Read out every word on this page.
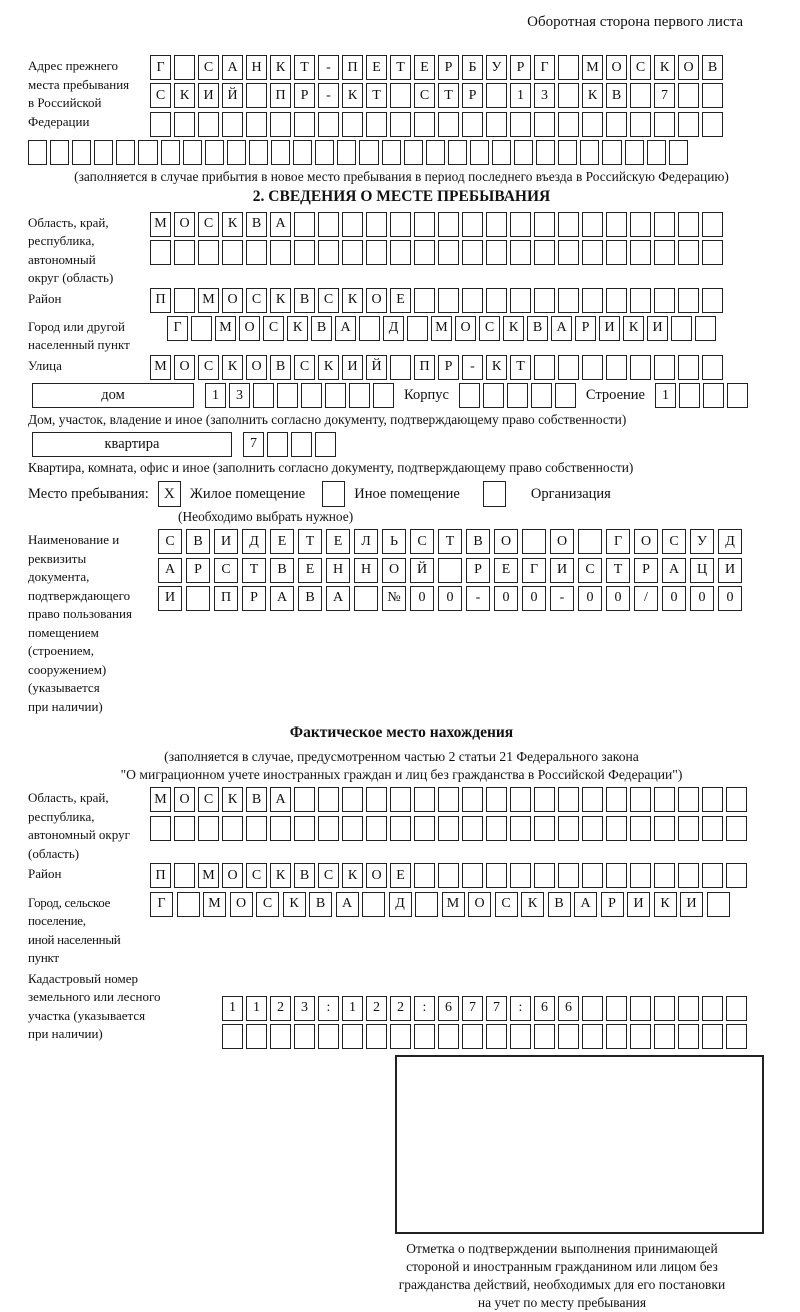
Оборотная сторона первого листа
Адрес прежнего
места пребывания
в Российской
Федерации
Г	С	А Н	К	Т	-	П	Е	Т	Е	Р	Б	У	Р	Г	М О	С	К	О	В
С	К	И Й	П	Р	-	К	Т	С	Т	Р	1	3	К	В	7
(заполняется в случае прибытия в новое место пребывания в период последнего въезда в Российскую Федерацию)
2. СВЕДЕНИЯ О МЕСТЕ ПРЕБЫВАНИЯ
Область, край,
республика,
автономный
округ (область)
М О	С	К	В	А
Район	П	М О	С	К	В	С	К	О	Е
Город или другой
населенный пункт
Г	М О	С	К	В	А	Д	М О	С	К	В	А	Р	И	К	И
Улица	М О	С	К	О	В	С	К	И Й	П	Р	-	К	Т
дом	1	3	Корпус	Строение	1
Дом, участок, владение и иное (заполнить согласно документу, подтверждающему право собственности)
квартира	7
Квартира, комната, офис и иное (заполнить согласно документу, подтверждающему право собственности)
Место пребывания:	X	Жилое помещение	Иное помещение	Организация
(Необходимо выбрать нужное)
Наименование и реквизиты
документа, подтверждающего
право пользования
помещением (строением,
сооружением) (указывается
при наличии)
С	В	И	Д	Е	Т	Е	Л	Ь	С	Т	В	О	О	Г	О	С	У	Д
А	Р	С	Т	В	Е	Н	Н	О	Й	Р	Е	Г	И	С	Т	Р	А	Ц	И
И	П	Р	А	В	А	№	0	0	-	0	0	-	0	0	/	0	0	0
Фактическое место нахождения
(заполняется в случае, предусмотренном частью 2 статьи 21 Федерального закона
"О миграционном учете иностранных граждан и лиц без гражданства в Российской Федерации")
Область, край,
республика,
автономный округ
(область)
М О	С	К	В	А
Район	П	М О	С	К	В	С	К	О	Е
Город, сельское поселение,
иной населенный пункт
Г	М	О	С	К	В	А	Д	М	О	С	К	В	А	Р	И	К	И
Кадастровый номер
земельного или лесного
участка (указывается
при наличии)
1	1	2	3	:	1	2	2	:	6	7	7	:	6	6
Отметка о подтверждении выполнения принимающей
стороной и иностранным гражданином или лицом без
гражданства действий, необходимых для его постановки
на учет по месту пребывания
